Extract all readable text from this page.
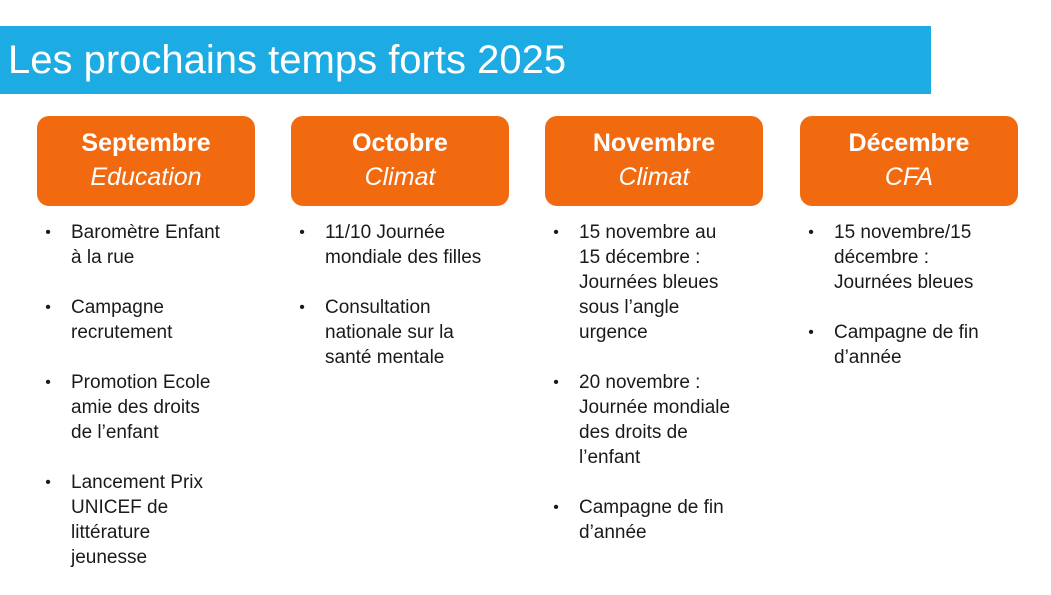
Les prochains temps forts 2025
Septembre
Education
• Baromètre Enfant
à la rue
• Campagne
recrutement
• Promotion Ecole
amie des droits
de l’enfant
• Lancement Prix
UNICEF de
littérature
jeunesse
Octobre
Climat
• 11/10 Journée
mondiale des filles
• Consultation
nationale sur la
santé mentale
Novembre
Climat
• 15 novembre au
15 décembre :
Journées bleues
sous l’angle
urgence
• 20 novembre :
Journée mondiale
des droits de
l’enfant
• Campagne de fin
d’année
Décembre
CFA
• 15 novembre/15
décembre :
Journées bleues
• Campagne de fin
d’année
